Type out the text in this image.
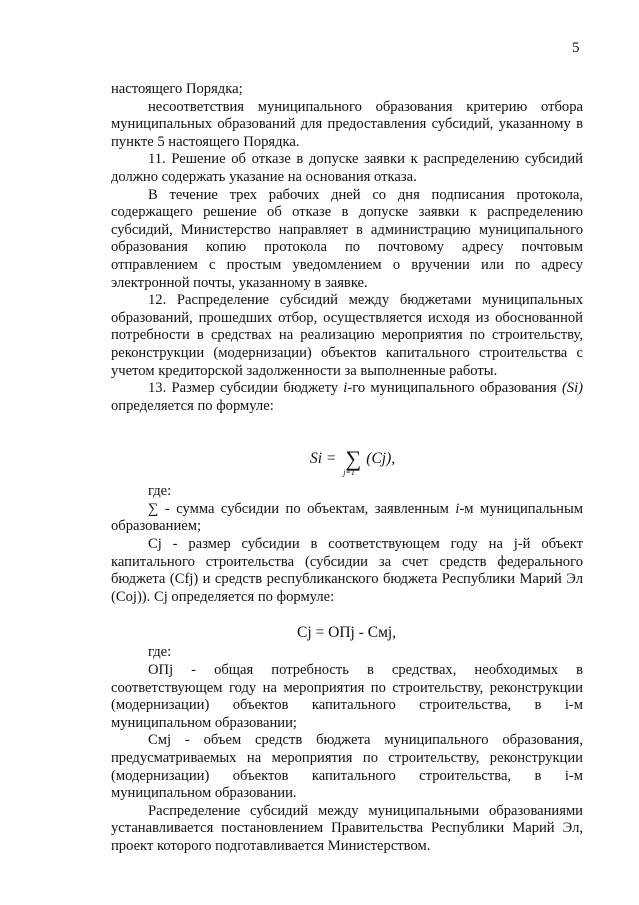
5

настоящего Порядка;

несоответствия муниципального образования критерию отбора муниципальных образований для предоставления субсидий, указанному в пункте 5 настоящего Порядка.

11. Решение об отказе в допуске заявки к распределению субсидий должно содержать указание на основания отказа.

В течение трех рабочих дней со дня подписания протокола, содержащего решение об отказе в допуске заявки к распределению субсидий, Министерство направляет в администрацию муниципального образования копию протокола по почтовому адресу почтовым отправлением с простым уведомлением о вручении или по адресу электронной почты, указанному в заявке.

12. Распределение субсидий между бюджетами муниципальных образований, прошедших отбор, осуществляется исходя из обоснованной потребности в средствах на реализацию мероприятия по строительству, реконструкции (модернизации) объектов капитального строительства с учетом кредиторской задолженности за выполненные работы.

13. Размер субсидии бюджету i-го муниципального образования (Si) определяется по формуле:

где:

∑ - сумма субсидии по объектам, заявленным i-м муниципальным образованием;

Cj - размер субсидии в соответствующем году на j-й объект капитального строительства (субсидии за счет средств федерального бюджета (Cfj) и средств республиканского бюджета Республики Марий Эл (Coj)). Cj определяется по формуле:

где:

ОПj - общая потребность в средствах, необходимых в соответствующем году на мероприятия по строительству, реконструкции (модернизации) объектов капитального строительства, в i-м муниципальном образовании;

Смj - объем средств бюджета муниципального образования, предусматриваемых на мероприятия по строительству, реконструкции (модернизации) объектов капитального строительства, в i-м муниципальном образовании.

Распределение субсидий между муниципальными образованиями устанавливается постановлением Правительства Республики Марий Эл, проект которого подготавливается Министерством.

Si = ∑
j=1
(Cj),
Cj = ОПj - Смj,
